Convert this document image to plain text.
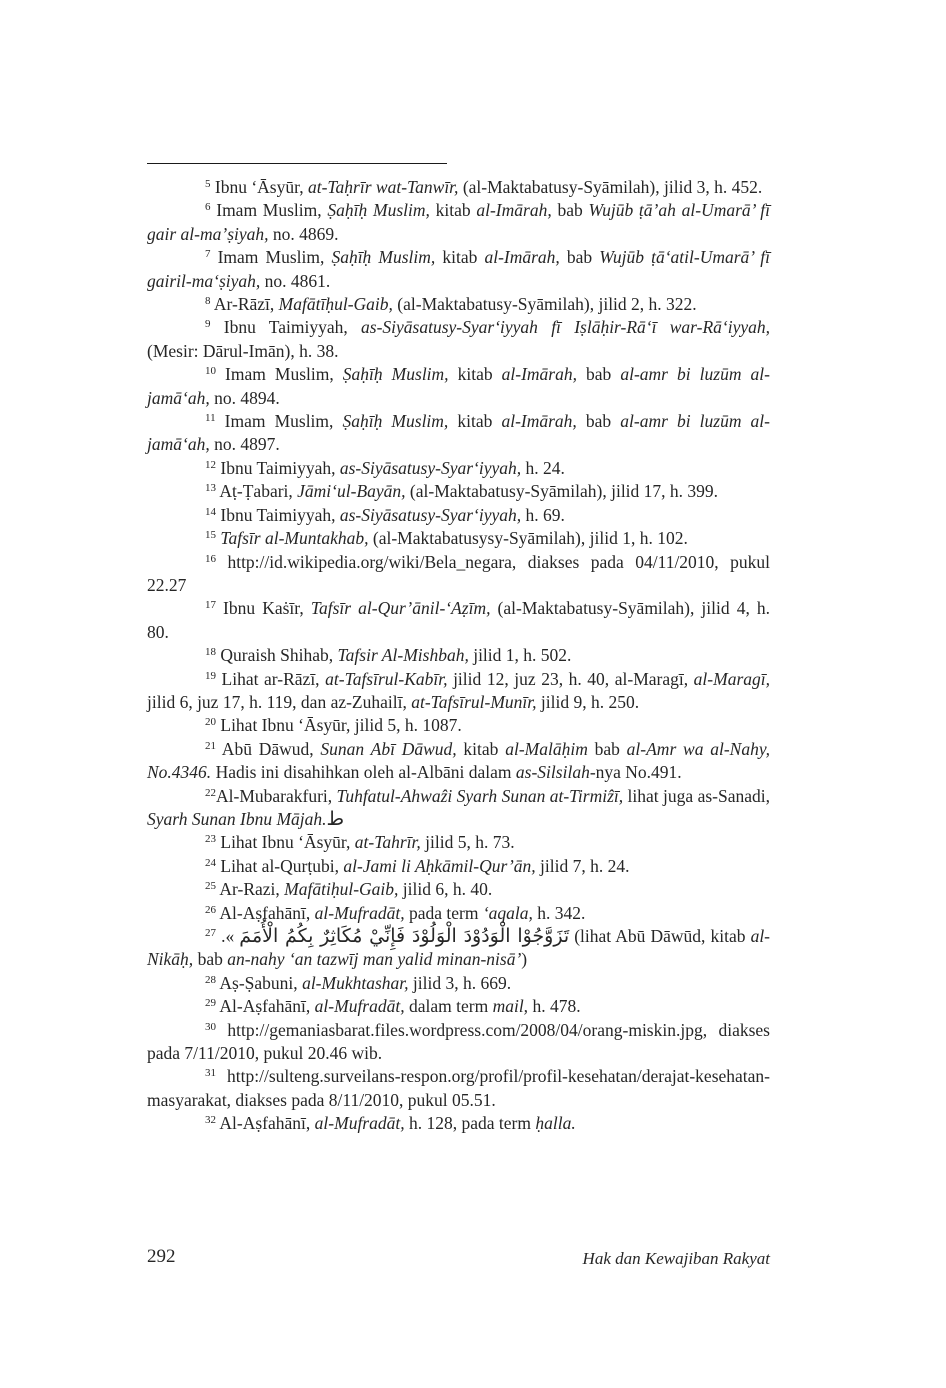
$^5$ Ibnu ‘Āsyūr, at-Taḥrīr wat-Tanwīr, (al-Maktabatusy-Syāmilah), jilid 3, h. 452.

$^6$ Imam Muslim, Ṣaḥīḥ Muslim, kitab al-Imārah, bab Wujūb ṭā’ah al-Umarā’ fī gair al-ma’ṣiyah, no. 4869.

$^7$ Imam Muslim, Ṣaḥīḥ Muslim, kitab al-Imārah, bab Wujūb ṭā‘atil-Umarā’ fī gairil-ma‘ṣiyah, no. 4861.

$^8$ Ar-Rāzī, Mafātīḥul-Gaib, (al-Maktabatusy-Syāmilah), jilid 2, h. 322.

$^9$ Ibnu Taimiyyah, as-Siyāsatusy-Syar‘iyyah fī Iṣlāḥir-Rā‘ī war-Rā‘iyyah, (Mesir: Dārul-Imān), h. 38.

$^{10}$ Imam Muslim, Ṣaḥīḥ Muslim, kitab al-Imārah, bab al-amr bi luzūm al-jamā‘ah, no. 4894.

$^{11}$ Imam Muslim, Ṣaḥīḥ Muslim, kitab al-Imārah, bab al-amr bi luzūm al-jamā‘ah, no. 4897.

$^{12}$ Ibnu Taimiyyah, as-Siyāsatusy-Syar‘iyyah, h. 24.

$^{13}$ Aṭ-Ṭabari, Jāmi‘ul-Bayān, (al-Maktabatusy-Syāmilah), jilid 17, h. 399.

$^{14}$ Ibnu Taimiyyah, as-Siyāsatusy-Syar‘iyyah, h. 69.

$^{15}$ Tafsīr al-Muntakhab, (al-Maktabatusysy-Syāmilah), jilid 1, h. 102.

$^{16}$ http://id.wikipedia.org/wiki/Bela_negara, diakses pada 04/11/2010, pukul 22.27

$^{17}$ Ibnu Kaṡīr, Tafsīr al-Qur’ānil-‘Aẓīm, (al-Maktabatusy-Syāmilah), jilid 4, h. 80.

$^{18}$ Quraish Shihab, Tafsir Al-Mishbah, jilid 1, h. 502.

$^{19}$ Lihat ar-Rāzī, at-Tafsīrul-Kabīr, jilid 12, juz 23, h. 40, al-Maragī, al-Maragī, jilid 6, juz 17, h. 119, dan az-Zuhailī, at-Tafsīrul-Munīr, jilid 9, h. 250.

$^{20}$ Lihat Ibnu ‘Āsyūr, jilid 5, h. 1087.

$^{21}$ Abū Dāwud, Sunan Abī Dāwud, kitab al-Malāḥim bab al-Amr wa al-Nahy, No.4346. Hadis ini disahihkan oleh al-Albāni dalam as-Silsilah-nya No.491.

$^{22}$Al-Mubarakfuri, Tuhfatul-Ahwaẑi Syarh Sunan at-Tirmiẑī, lihat juga as-Sanadi, Syarh Sunan Ibnu Mājah.ط

$^{23}$ Lihat Ibnu ‘Āsyūr, at-Tahrīr, jilid 5, h. 73.

$^{24}$ Lihat al-Qurṭubi, al-Jami li Aḥkāmil-Qur’ān, jilid 7, h. 24.

$^{25}$ Ar-Razi, Mafātiḥul-Gaib, jilid 6, h. 40.

$^{26}$ Al-Aṣfahānī, al-Mufradāt, pada term ‘aqala, h. 342.

$^{27}$ .« تَزَوَّجُوْا الْوَدُوْدَ الْوَلُوْدَ فَإِنِّيْ مُكَاثِرٌ بِكُمُ الْأُمَمَ (lihat Abū Dāwūd, kitab al-Nikāḥ, bab an-nahy ‘an tazwīj man yalid minan-nisā’)

$^{28}$ Aṣ-Ṣabuni, al-Mukhtashar, jilid 3, h. 669.

$^{29}$ Al-Aṣfahānī, al-Mufradāt, dalam term mail, h. 478.

$^{30}$ http://gemaniasbarat.files.wordpress.com/2008/04/orang-miskin.jpg, diakses pada 7/11/2010, pukul 20.46 wib.

$^{31}$ http://sulteng.surveilans-respon.org/profil/profil-kesehatan/derajat-kesehatan-masyarakat, diakses pada 8/11/2010, pukul 05.51.

$^{32}$ Al-Aṣfahānī, al-Mufradāt, h. 128, pada term ḥalla.

292	Hak dan Kewajiban Rakyat
